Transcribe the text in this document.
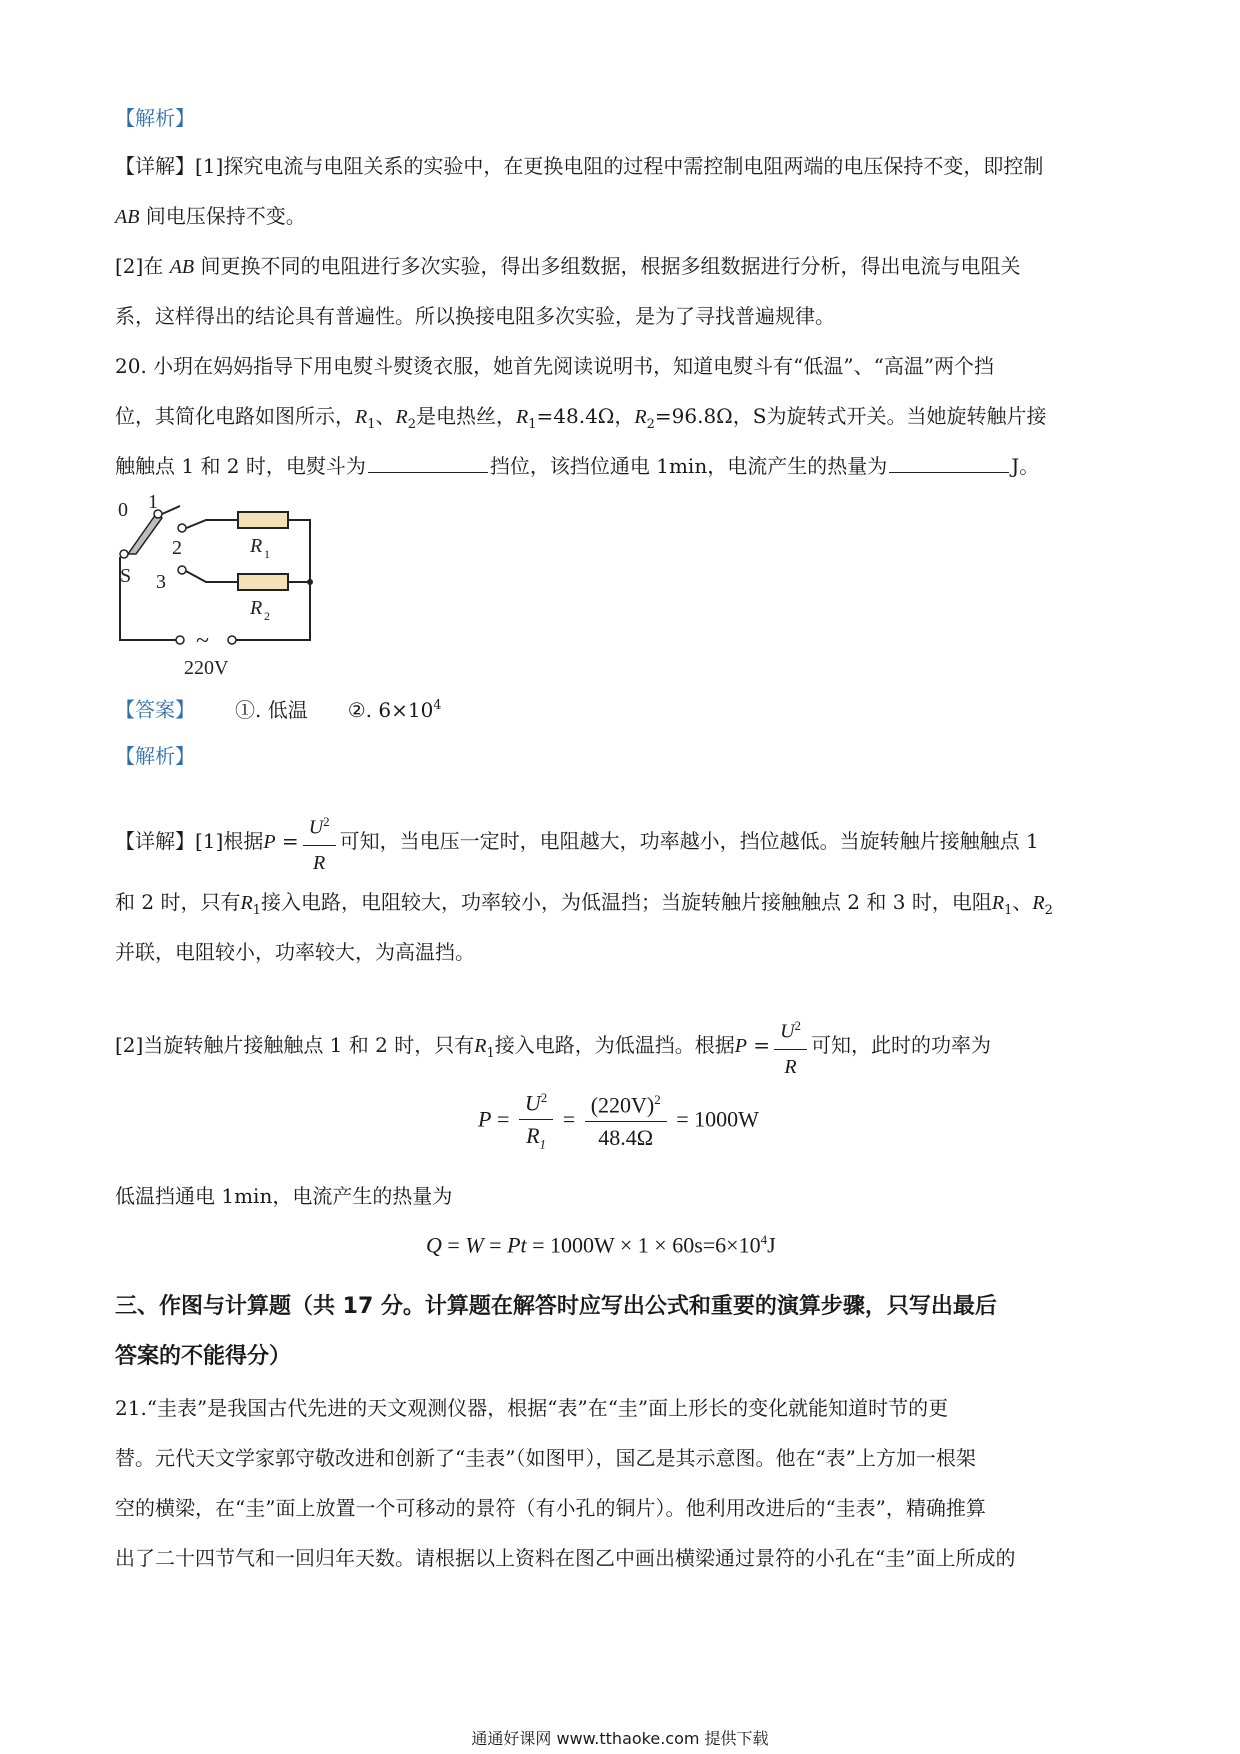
【解析】
【详解】[1]探究电流与电阻关系的实验中，在更换电阻的过程中需控制电阻两端的电压保持不变，即控制
AB 间电压保持不变。
[2]在 AB 间更换不同的电阻进行多次实验，得出多组数据，根据多组数据进行分析，得出电流与电阻关
系，这样得出的结论具有普遍性。所以换接电阻多次实验，是为了寻找普遍规律。
20. 小玥在妈妈指导下用电熨斗熨烫衣服，她首先阅读说明书，知道电熨斗有“低温”、“高温”两个挡
位，其简化电路如图所示，$R_1$、$R_2$是电热丝，$R_1=48.4\Omega$，$R_2=96.8\Omega$，S为旋转式开关。当她旋转触片接
触触点 1 和 2 时，电熨斗为	挡位，该挡位通电 1min，电流产生的热量为	J。
0 1
2
3
S
R 1
R 2
~
220V
【答案】 ①. 低温 ②. $6\times 10^4$
【解析】
【详解】[1]根据$P = \frac{U^2}{R}$ 可知，当电压一定时，电阻越大，功率越小，挡位越低。当旋转触片接触触点 1
和 2 时，只有$R_1$接入电路，电阻较大，功率较小，为低温挡；当旋转触片接触触点 2 和 3 时，电阻$R_1$、$R_2$
并联，电阻较小，功率较大，为高温挡。
[2]当旋转触片接触触点 1 和 2 时，只有$R_1$接入电路，为低温挡。根据$P = \frac{U^2}{R}$ 可知，此时的功率为
$P = \frac{U^2}{R_1} = \frac{(220V)^2}{48.4\Omega} = 1000W$
低温挡通电 1min，电流产生的热量为
$Q = W = Pt = 1000W \times 1 \times 60s=6\times 10^4J$
三、作图与计算题（共 17 分。计算题在解答时应写出公式和重要的演算步骤，只写出最后
答案的不能得分）
21.“圭表”是我国古代先进的天文观测仪器，根据“表”在“圭”面上形长的变化就能知道时节的更
替。元代天文学家郭守敬改进和创新了“圭表”（如图甲），国乙是其示意图。他在“表”上方加一根架
空的横梁，在“圭”面上放置一个可移动的景符（有小孔的铜片）。他利用改进后的“圭表”，精确推算
出了二十四节气和一回归年天数。请根据以上资料在图乙中画出横梁通过景符的小孔在“圭”面上所成的
通通好课网 www.tthaoke.com 提供下载
